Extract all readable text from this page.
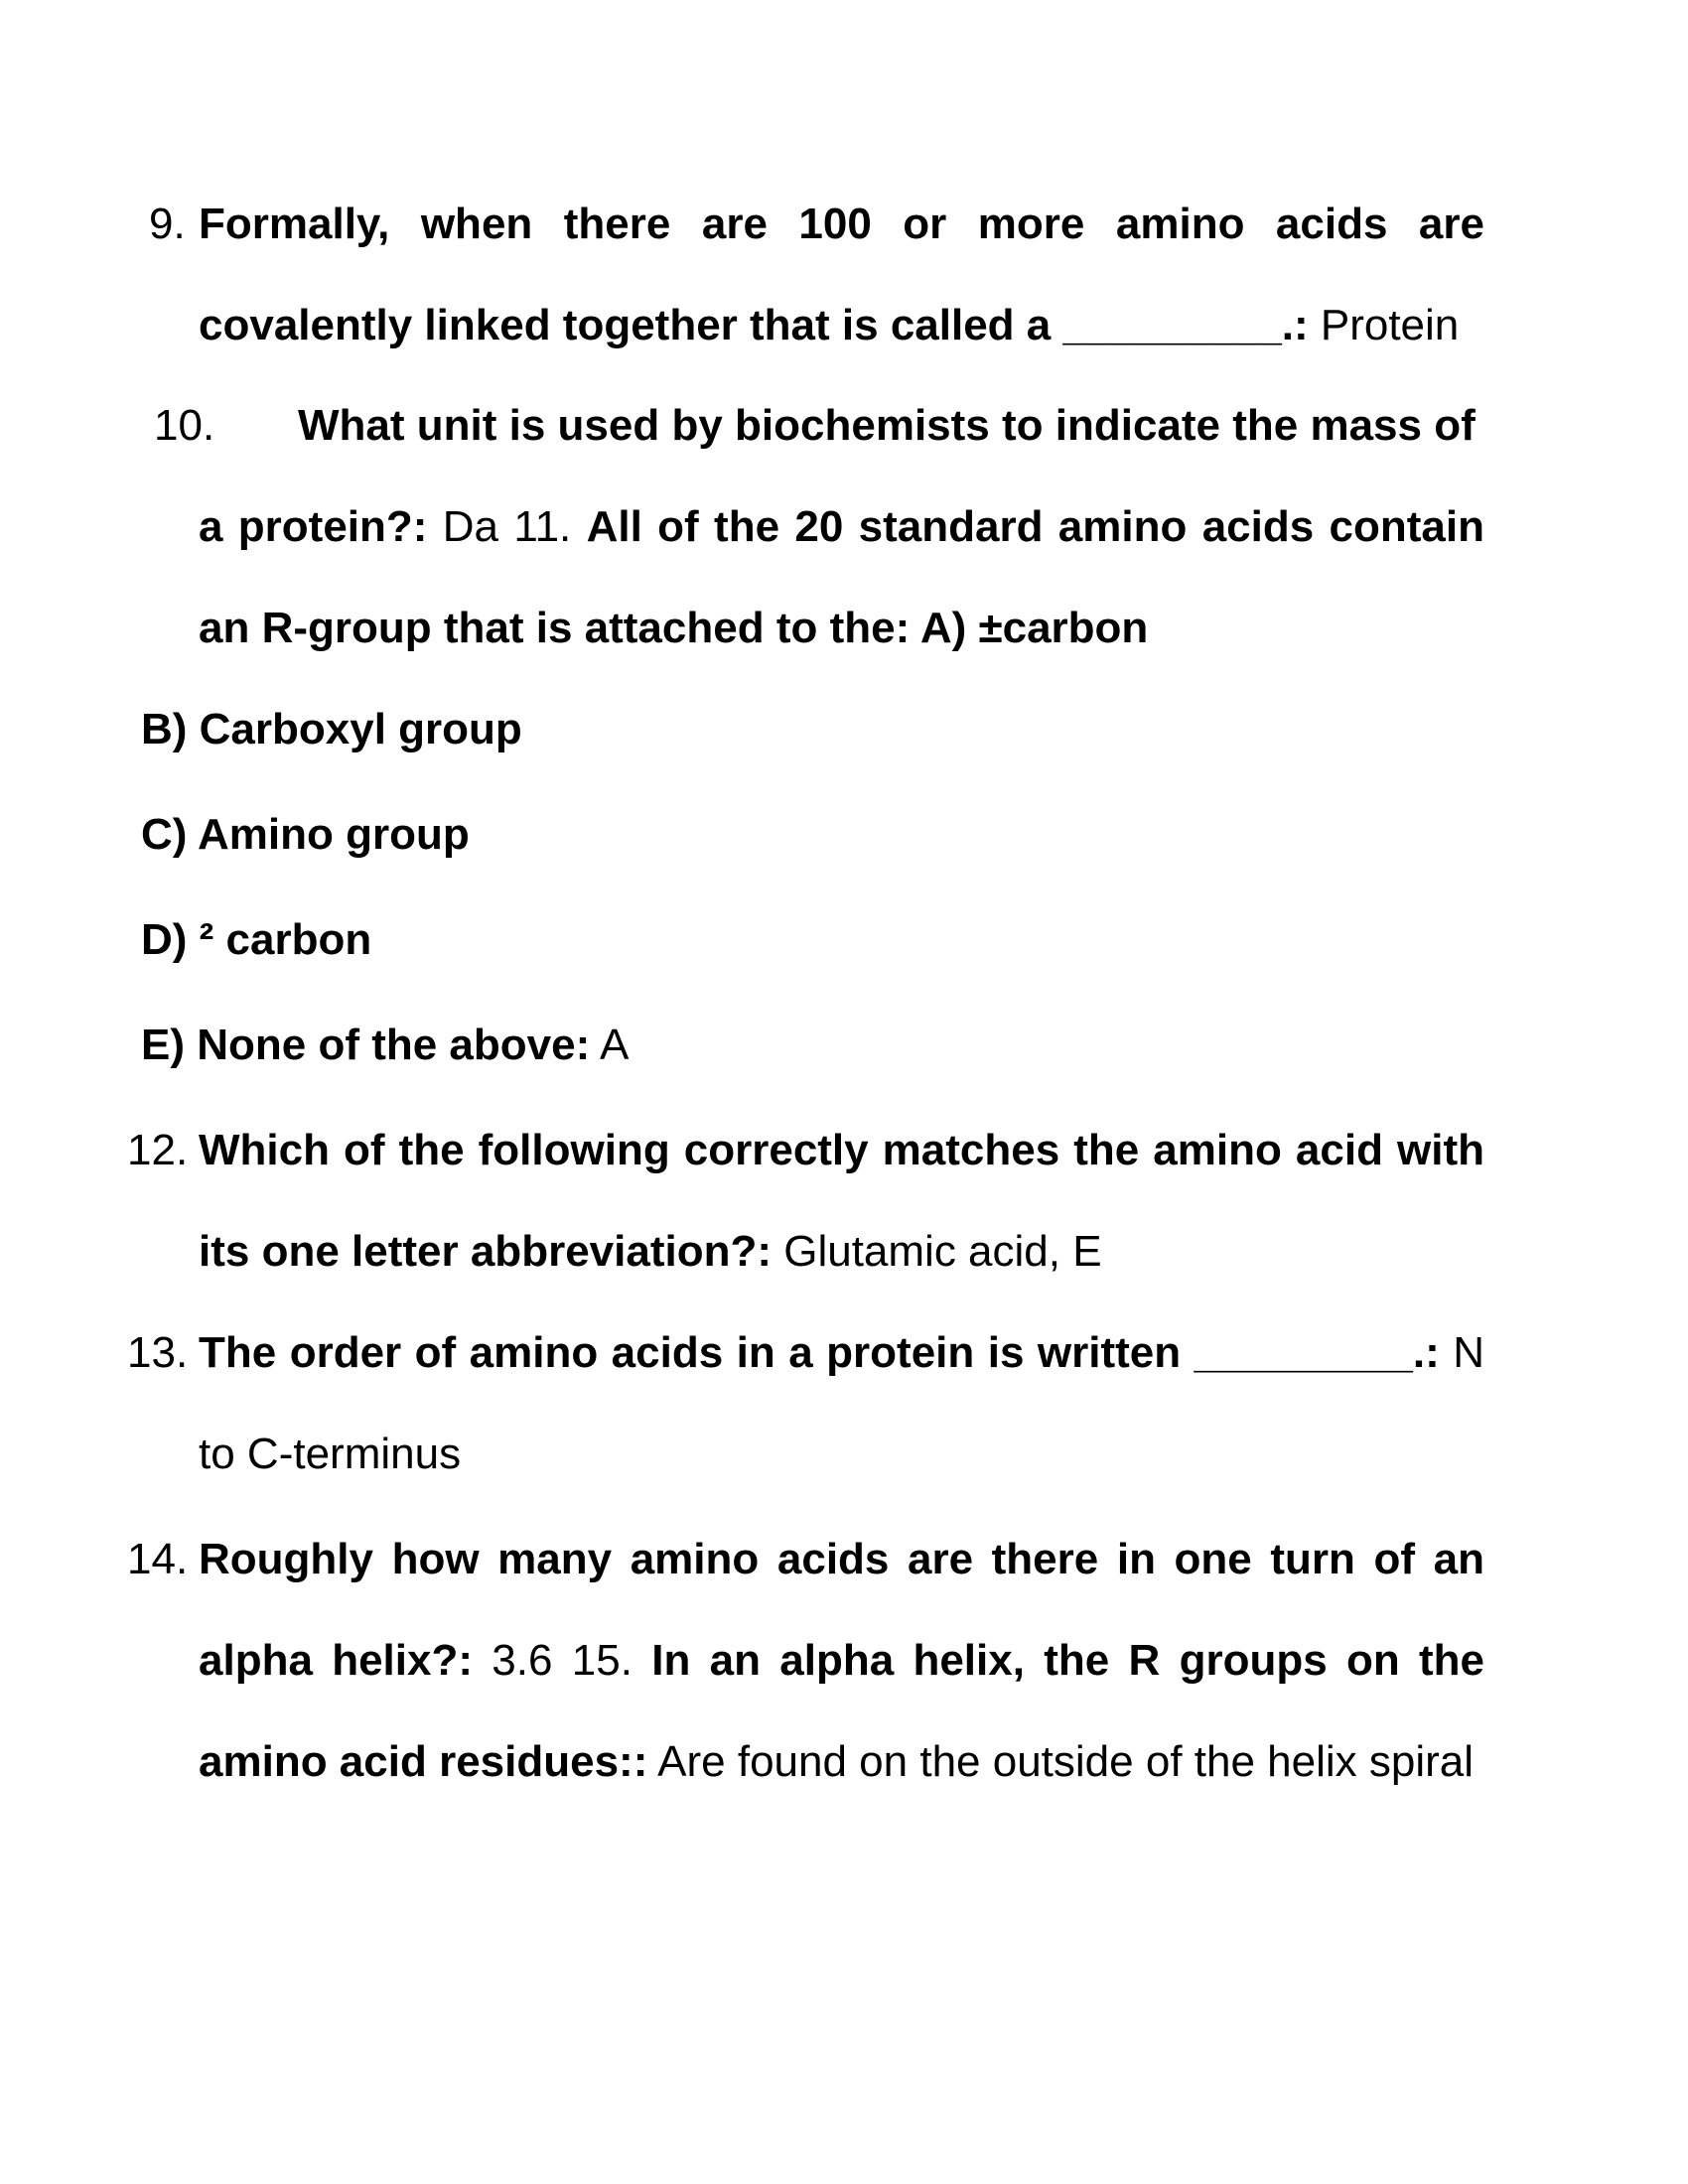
9. Formally, when there are 100 or more amino acids are
covalently linked together that is called a _________.: Protein
10. What unit is used by biochemists to indicate the mass of
a protein?: Da 11. All of the 20 standard amino acids contain
an R-group that is attached to the: A) ±carbon
B) Carboxyl group
C) Amino group
D) ² carbon
E) None of the above: A
12. Which of the following correctly matches the amino acid with
its one letter abbreviation?: Glutamic acid, E
13. The order of amino acids in a protein is written _________.: N
to C-terminus
14. Roughly how many amino acids are there in one turn of an
alpha helix?: 3.6 15. In an alpha helix, the R groups on the
amino acid residues:: Are found on the outside of the helix spiral
